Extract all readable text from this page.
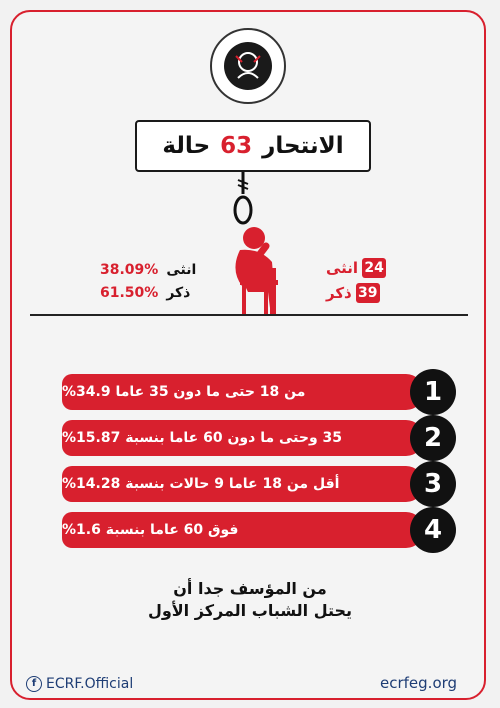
الانتحار
63
حالة
24
انثى
39
ذكر
انثى
38.09%
ذكر
61.50%
من 18 حتى ما دون 35 عاما 34.9%	1
35 وحتى ما دون 60 عاما بنسبة 15.87%	2
أقل من 18 عاما 9 حالات بنسبة 14.28%	3
فوق 60 عاما بنسبة 1.6%	4
من المؤسف جدا أن
يحتل الشباب المركز الأول
f ECRF.Official	ecrfeg.org
